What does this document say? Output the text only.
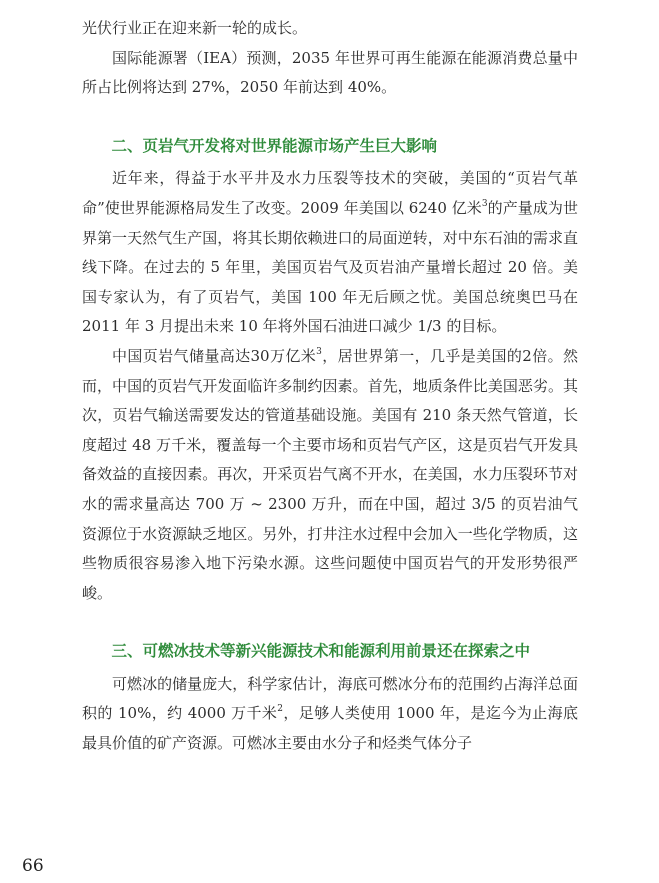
光伏行业正在迎来新一轮的成长。

国际能源署（IEA）预测，2035 年世界可再生能源在能源消费总量中所占比例将达到 27%，2050 年前达到 40%。

二、页岩气开发将对世界能源市场产生巨大影响

近年来，得益于水平井及水力压裂等技术的突破，美国的“页岩气革命”使世界能源格局发生了改变。2009 年美国以 6240 亿米$^3$的产量成为世界第一天然气生产国，将其长期依赖进口的局面逆转，对中东石油的需求直线下降。在过去的 5 年里，美国页岩气及页岩油产量增长超过 20 倍。美国专家认为，有了页岩气，美国 100 年无后顾之忧。美国总统奥巴马在 2011 年 3 月提出未来 10 年将外国石油进口减少 1/3 的目标。

中国页岩气储量高达30万亿米$^3$，居世界第一，几乎是美国的2倍。然而，中国的页岩气开发面临许多制约因素。首先，地质条件比美国恶劣。其次，页岩气输送需要发达的管道基础设施。美国有 210 条天然气管道，长度超过 48 万千米，覆盖每一个主要市场和页岩气产区，这是页岩气开发具备效益的直接因素。再次，开采页岩气离不开水，在美国，水力压裂环节对水的需求量高达 700 万 ~ 2300 万升，而在中国，超过 3/5 的页岩油气资源位于水资源缺乏地区。另外，打井注水过程中会加入一些化学物质，这些物质很容易渗入地下污染水源。这些问题使中国页岩气的开发形势很严峻。

三、可燃冰技术等新兴能源技术和能源利用前景还在探索之中

可燃冰的储量庞大，科学家估计，海底可燃冰分布的范围约占海洋总面积的 10%，约 4000 万千米$^2$，足够人类使用 1000 年，是迄今为止海底最具价值的矿产资源。可燃冰主要由水分子和烃类气体分子

66
